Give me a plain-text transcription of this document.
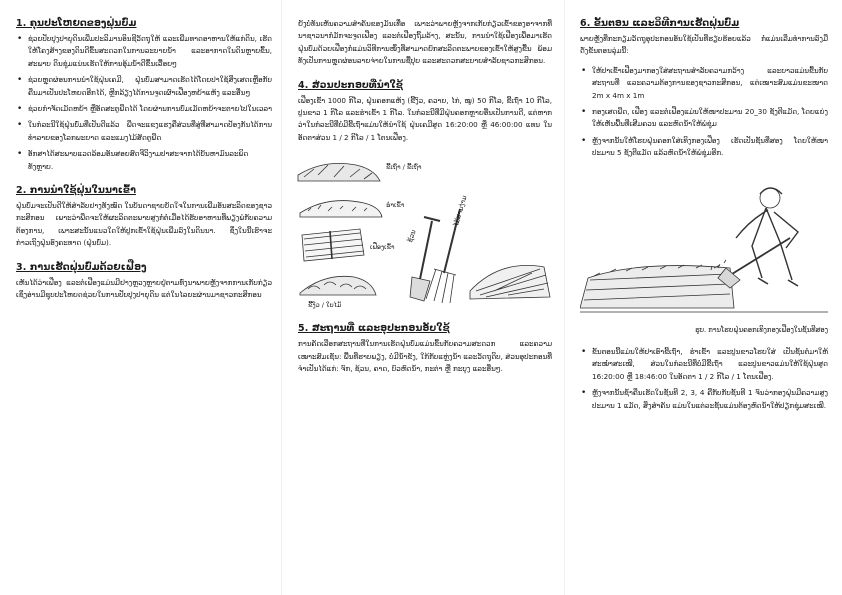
1. ຄຸນປະໂຫຍດຂອງຝຸ່ນບົ່ມ
• ຊ່ວຍປັບປຸງປາຍຸດິນເພີ່ມປະລິມານອິນຊີວັດຖຸໃຫ້ ແລະເພີ່ມທາດອາຫານໃຫ້ແກ່ດິນ, ເຮັດໃຫ້ໂຄງສ້າງຂອງດິນດີຂຶ້ນສະດວກໃນການລະບາຍນ້ຳ ແລະອາກາດໃນດິນຫຼາຍຂຶ້ນ, ສະພາບ ດິນຊຸ່ມແນ່ນເຮັດໃຫ້ການອຸ້ມນ້ຳດີຂຶ້ນເລື້ອຍໆ
• ຊ່ວຍຫຼຸດຜ່ອນການນຳໃຊ້ຝຸ່ນເຄມີ, ຝຸ່ນບົ່ມສາມາດເຮັດໄດ້ໂດຍປາໃຊ້ສິ່ງເສດເຫຼືອກັບຄືນມາເປັນປະໂຫຍດອີກໄດ້, ຫຼີກລ້ຽງໄດ້ການຈູດເຜົາເຟືອງຫຍ້າແຫ້ງ ແລະອື່ນໆ
• ຊ່ວຍກຳຈັດເມັດຫຍ້າ ຫຼືອັດສະຕູພືດໄດ້ ໂດຍຜ່ານການບົ່ມເມັດຫຍ້າຈະຕາຍໄປໃນເວລາ
• ໃນກໍລະນີໃຊ້ຝຸ່ນບົ່ມທີ່ເປັນດີແລ້ວ ພືດຈະແຂງແຮງຄືສ່ວນທີ່ສູ່ທີ່ສາມາດປ້ອງກັນໄດ້ການທຳລາຍຂອງໂລກພະຍາດ ແລະແມງໄມ້ສັດຕູພືດ
• ອັກສາໄດ້ສະພາບແວດລ້ອມອັນສອຍສົດຈີວິງາມປາສະຈາກໄດ້ບັນຫາມົນລະພິດທັງຫຼາຍ.
2. ການນຳໃຊ້ຝຸ່ນໃນນາເຂົ້າ

ຝຸ່ນບົ່ມຈະເປັນດີໃຫ້ສຳລັບຢາງທັງໝົດ ໃນບັນດາຊາຍບັດໃຈໃນການເພີ່ມອັນສະລິດຂອງຊາວກະສິກອນ ເພາະວ່າພືດຈະໃຫ້ຜະລິດຕະພາບສູງກໍ່ຕໍ່ເມື່ອໄດ້ຮັບອາຫານທີ່ພຽງພໍກັບຄວາມຕ້ອງການ, ເພາະສະນັ້ນແນວໃດໃຫ້ປູກເຂົ້າໃຊ້ຝຸ່ນເພີ່ມລົງໃນດິນນາ. ຊຶ່ງໃນນີ້ເຮົາຈະກ່າວເຖິງຝຸ່ນອົງຄະທາດ (ຝຸ່ນບົ່ມ).

3. ການເຮັດຝຸ່ນບົ່ມດ້ວຍເຟືອງ

ເຫັນໄດ້ວ່າເຟືອງ ແລະຕໍເຟືອງແມ່ນມີຢາງຫຼວງຫຼາຍຢູ່ຕາມທົ່ງນາພາຍຫຼັງຈາກການເກັບກ່ຽວ ເຊິ່ງອ່ານມີຊຸບປະໂຫຍດຊ່ວຍໃນການປັບປຸງປາຍຸດິນ ແຕ່ໃນໄລຍະຜ່ານມາຊາວກະສິກອນ

ຍັງບໍ່ທັນເຫັນຄວາມສຳຄັນຂອງມັນເທື່ອ ເພາະວ່າພາຍຫຼັງຈາກເກັບກ່ຽວເຂົ້າຂອງອາຈາກທີ່ນາຊາວນາກໍ່ມັກຈະຈູດເຟືອງ ແລະຕໍເຟືອງຖິ້ມລ້າງ, ສະນັ້ນ, ການນຳໃຊ້ເຟືອງເພື່ອມາເຮັດຝຸ່ນບົ່ມດ້ວຍເຟືອງກໍ່ແມ່ນວິທີການໜຶ່ງທີ່ສາມາດຍົກສະລິດຕະພາບຂອງເຂົ້າໃຫ້ສູງຂື້ນ ພ້ອມທັງເປັນການຫຼຸດຜ່ອນລາຍຈ່າຍໃນການຊື້ປຸຍ ແລະສະດວກສະບາຍສຳລັບຊາວກະສິກອນ.

4. ສ່ວນປະກອບທີ່ນຳໃຊ້

ເຟືອງເຂົ້າ 1000 ກິໂລ, ຝຸ່ນຄອກແຫ້ງ (ຂີ້ງົວ, ຄວາຍ, ໄກ່, ໝູ) 50 ກິໂລ, ຂີ້ເຖົ່າ 10 ກິໂລ, ປູນຂາວ 1 ກິໂລ ແລະຮຳເຂົ້າ 1 ກິໂລ. ໃນກໍລະນີທີ່ມີຝຸ່ນຄອກຫຼາຍອື່ນເປັນການດີ, ແຕ່ຫາກວ່າໃນກໍລະນີທີ່ບໍ່ມີຂີ້ເຖົ່າແມ່ນໃຫ້ນຳໃຊ້ ຝຸ່ນເຄມີສູດ 16:20:00 ຫຼື 46:00:00 ແທນ ໃນອັດຕາສ່ວນ 1 / 2 ກິໂລ / 1 ໂຕນເຟືອງ.

ຂີ້ເຖົ່າ / ຂີ້ເຖົ່າ
ຮຳເຂົ້າ
ເຟືອງເຂົ້າ
ຂີ້ງົວ / ໃບໄມ້
ຊ້ວນ
ໄມ້ສາມງ່າມ
5. ສະຖານທີ່ ແລະອຸປະກອນອັບໃຊ້

ການຄັດເລືອກສະຖານທີ່ໃນການເຮັດຝຸ່ນບົ່ມແມ່ນຂຶ້ນກັບຄວາມສະດວກ ແລະຄວາມເໝາະສົມເຊັ່ນ: ພື້ນທີ່ຮາບພຽງ, ບໍ່ມີນ້ຳຂັງ, ໃກ້ກັບແຫຼ່ງນ້ຳ ແລະວັດຖຸດິບ, ສ່ວນອຸປະກອນທີ່ຈຳເປັນໄດ້ແກ່: ຈົກ, ຊ້ວນ, ຄາດ, ບົວຫົດນ້ຳ, ກະຕ່າ ຫຼື ກະບຸງ ແລະອື່ນໆ.

6. ຂັ້ນຕອນ ແລະວິທີການເຮັດຝຸ່ນບົ່ມ

ພາຍຫຼັງທີ່ກະກຽມວັດຖຸອຸປະກອນອັນໃຊ້ເປັນທີ່ຮຽບຮ້ອຍແລ້ວ ກໍ່ແມ່ນເລີ່ມທຳການລົງມືດັ່ງຂັ້ນຕອນລຸ່ມນີ້:

• ໃຫ້ປາເຂົ້າເຟືອງມາກອງໃສ່ສະຖານສຳລັບຄວາມກວ້າງ ແລະຍາວແມ່ນຂື້ນກັບສະຖານທີ່ ແລະຄວາມຕ້ອງການຂອງຊາວກະສິກອນ, ແຕ່ເໝາະສົມແມ່ນຂະໜາດ 2m x 4m x 1m
• ກອງເສດພືດ, ເຟືອງ ແລະຕໍເຟືອງແມ່ນໃຫ້ໜາປະມານ 20_30 ຊັງຕີແມັດ, ໂດຍແຍ່ງໃຫ້ເຫັນພື້ນທີ່ເສີມຄວນ ແລະຫົດນ້ຳໃຫ້ພໍຊຸ່ມ
• ຫຼັງຈາກນັ້ນໃຫ້ໂຮຍຝຸ່ນຄອກໃສ່ເທິງກອງເຟືອງ ເຮັດເປັນຊັ້ນທີ່ສອງ ໂດຍໃຫ້ໜາປະມານ 5 ຊັງຕີແມັດ ແລ້ວຫົດນ້ຳໃຫ້ພໍຊຸ່ມອີກ.

ຮູບ. ການໂຮຍຝຸ່ນຄອກເທິງກອງເຟືອງໃນຊັ້ນທີສອງ

• ຂັ້ນຕອນນີ້ແມ່ນໃຫ້ປາເອົາຂີ້ເຖົ່າ, ຮຳເຂົ້າ ແລະປູນຂາວໂຮຍໃສ່ ເປັນຊັ້ນຕໍ່ມາໃຫ້ສະໝໍ່າສະເໝີ, ສ່ວນໃນກໍລະນີທີ່ບໍ່ມີຂີ້ເຖົ່າ ແລະປູນຂາວແມ່ນໃຫ້ໃຊ້ຝຸ່ນສູດ 16:20:00 ຫຼື 18:46:00 ໃນອັດຕາ 1 / 2 ກິໂລ / 1 ໂຕນເຟືອງ.
• ຫຼັງຈາກນັ້ນຊ້ຳຄືນເຮັດໃນຊັ້ນທີ 2, 3, 4 ຄືກັບກັບຊັ້ນທີ 1 ຈົນວ່າກອງຝຸ່ນມີຄວາມສູງປະມານ 1 ແມັດ, ສິ່ງສຳຄັນ ແມ່ນໃນແຕ່ລະຊັ້ນແມ່ນຕ້ອງຫົດນ້ຳໃຫ້ປຽກຊຸ່ມສະເໝີ.
